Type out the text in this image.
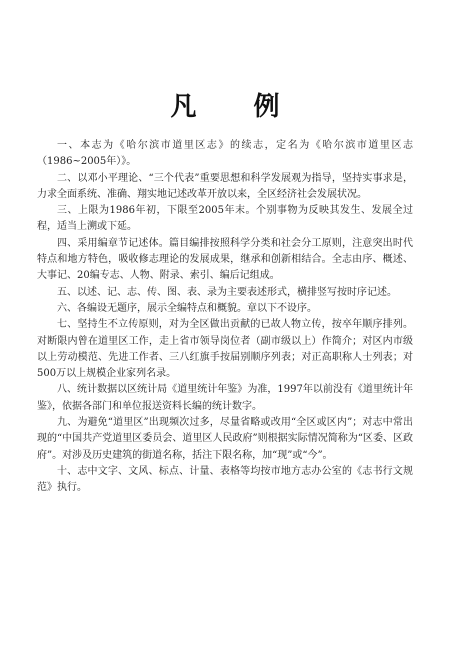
凡 例

一、本志为《哈尔滨市道里区志》的续志，定名为《哈尔滨市道里区志（1986~2005年）》。

二、以邓小平理论、“三个代表”重要思想和科学发展观为指导，坚持实事求是，力求全面系统、准确、翔实地记述改革开放以来，全区经济社会发展状况。

三、上限为1986年初，下限至2005年末。个别事物为反映其发生、发展全过程，适当上溯或下延。

四、采用编章节记述体。篇目编排按照科学分类和社会分工原则，注意突出时代特点和地方特色，吸收修志理论的发展成果，继承和创新相结合。全志由序、概述、大事记、20编专志、人物、附录、索引、编后记组成。

五、以述、记、志、传、图、表、录为主要表述形式，横排竖写按时序记述。

六、各编设无题序，展示全编特点和概貌。章以下不设序。

七、坚持生不立传原则，对为全区做出贡献的已故人物立传，按卒年顺序排列。对断限内曾在道里区工作，走上省市领导岗位者（副市级以上）作简介；对区内市级以上劳动模范、先进工作者、三八红旗手按届别顺序列表；对正高职称人士列表；对500万以上规模企业家列名录。

八、统计数据以区统计局《道里统计年鉴》为准，1997年以前没有《道里统计年鉴》，依据各部门和单位报送资料长编的统计数字。

九、为避免“道里区”出现频次过多，尽量省略或改用“全区或区内”；对志中常出现的“中国共产党道里区委员会、道里区人民政府”则根据实际情况简称为“区委、区政府”。对涉及历史建筑的街道名称，括注下限名称，加“现”或“今”。

十、志中文字、文风、标点、计量、表格等均按市地方志办公室的《志书行文规范》执行。
